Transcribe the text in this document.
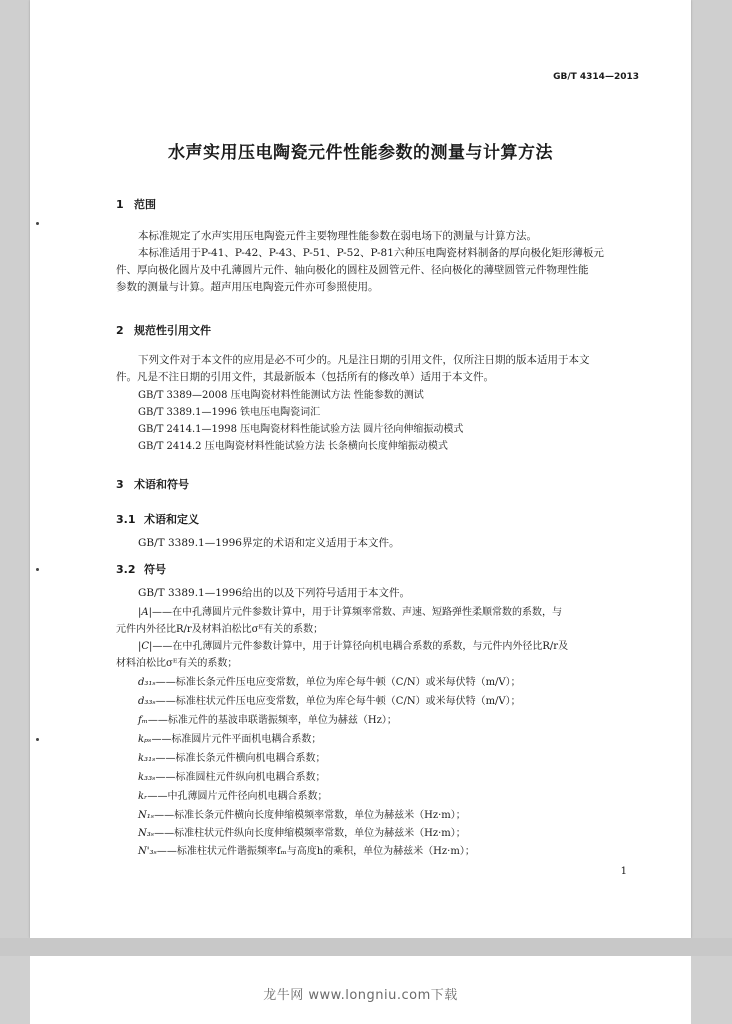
GB/T 4314—2013
水声实用压电陶瓷元件性能参数的测量与计算方法
1 范围

本标准规定了水声实用压电陶瓷元件主要物理性能参数在弱电场下的测量与计算方法。

本标准适用于P-41、P-42、P-43、P-51、P-52、P-81六种压电陶瓷材料制备的厚向极化矩形薄板元

件、厚向极化圆片及中孔薄圆片元件、轴向极化的圆柱及圆管元件、径向极化的薄壁圆管元件物理性能

参数的测量与计算。超声用压电陶瓷元件亦可参照使用。

2 规范性引用文件

下列文件对于本文件的应用是必不可少的。凡是注日期的引用文件，仅所注日期的版本适用于本文

件。凡是不注日期的引用文件，其最新版本（包括所有的修改单）适用于本文件。

GB/T 3389—2008 压电陶瓷材料性能测试方法 性能参数的测试
GB/T 3389.1—1996 铁电压电陶瓷词汇
GB/T 2414.1—1998 压电陶瓷材料性能试验方法 圆片径向伸缩振动模式
GB/T 2414.2 压电陶瓷材料性能试验方法 长条横向长度伸缩振动模式
3 术语和符号
3.1 术语和定义

GB/T 3389.1—1996界定的术语和定义适用于本文件。

3.2 符号

GB/T 3389.1—1996给出的以及下列符号适用于本文件。

|A|——在中孔薄圆片元件参数计算中，用于计算频率常数、声速、短路弹性柔顺常数的系数，与
元件内外径比R/r及材料泊松比σᴱ有关的系数；
|C|——在中孔薄圆片元件参数计算中，用于计算径向机电耦合系数的系数，与元件内外径比R/r及
材料泊松比σᴱ有关的系数；
d₃₁ₛ——标准长条元件压电应变常数，单位为库仑每牛顿（C/N）或米每伏特（m/V）；
d₃₃ₛ——标准柱状元件压电应变常数，单位为库仑每牛顿（C/N）或米每伏特（m/V）；
fₘ——标准元件的基波串联谐振频率，单位为赫兹（Hz）；
kₚₛ——标准圆片元件平面机电耦合系数；
k₃₁ₛ——标准长条元件横向机电耦合系数；
k₃₃ₛ——标准圆柱元件纵向机电耦合系数；
kᵣ——中孔薄圆片元件径向机电耦合系数；
N₁ₛ——标准长条元件横向长度伸缩模频率常数，单位为赫兹米（Hz·m）；
N₃ₛ——标准柱状元件纵向长度伸缩模频率常数，单位为赫兹米（Hz·m）；
N'₃ₛ——标准柱状元件谐振频率fₘ与高度h的乘积，单位为赫兹米（Hz·m）；
1
龙牛网 www.longniu.com下载
